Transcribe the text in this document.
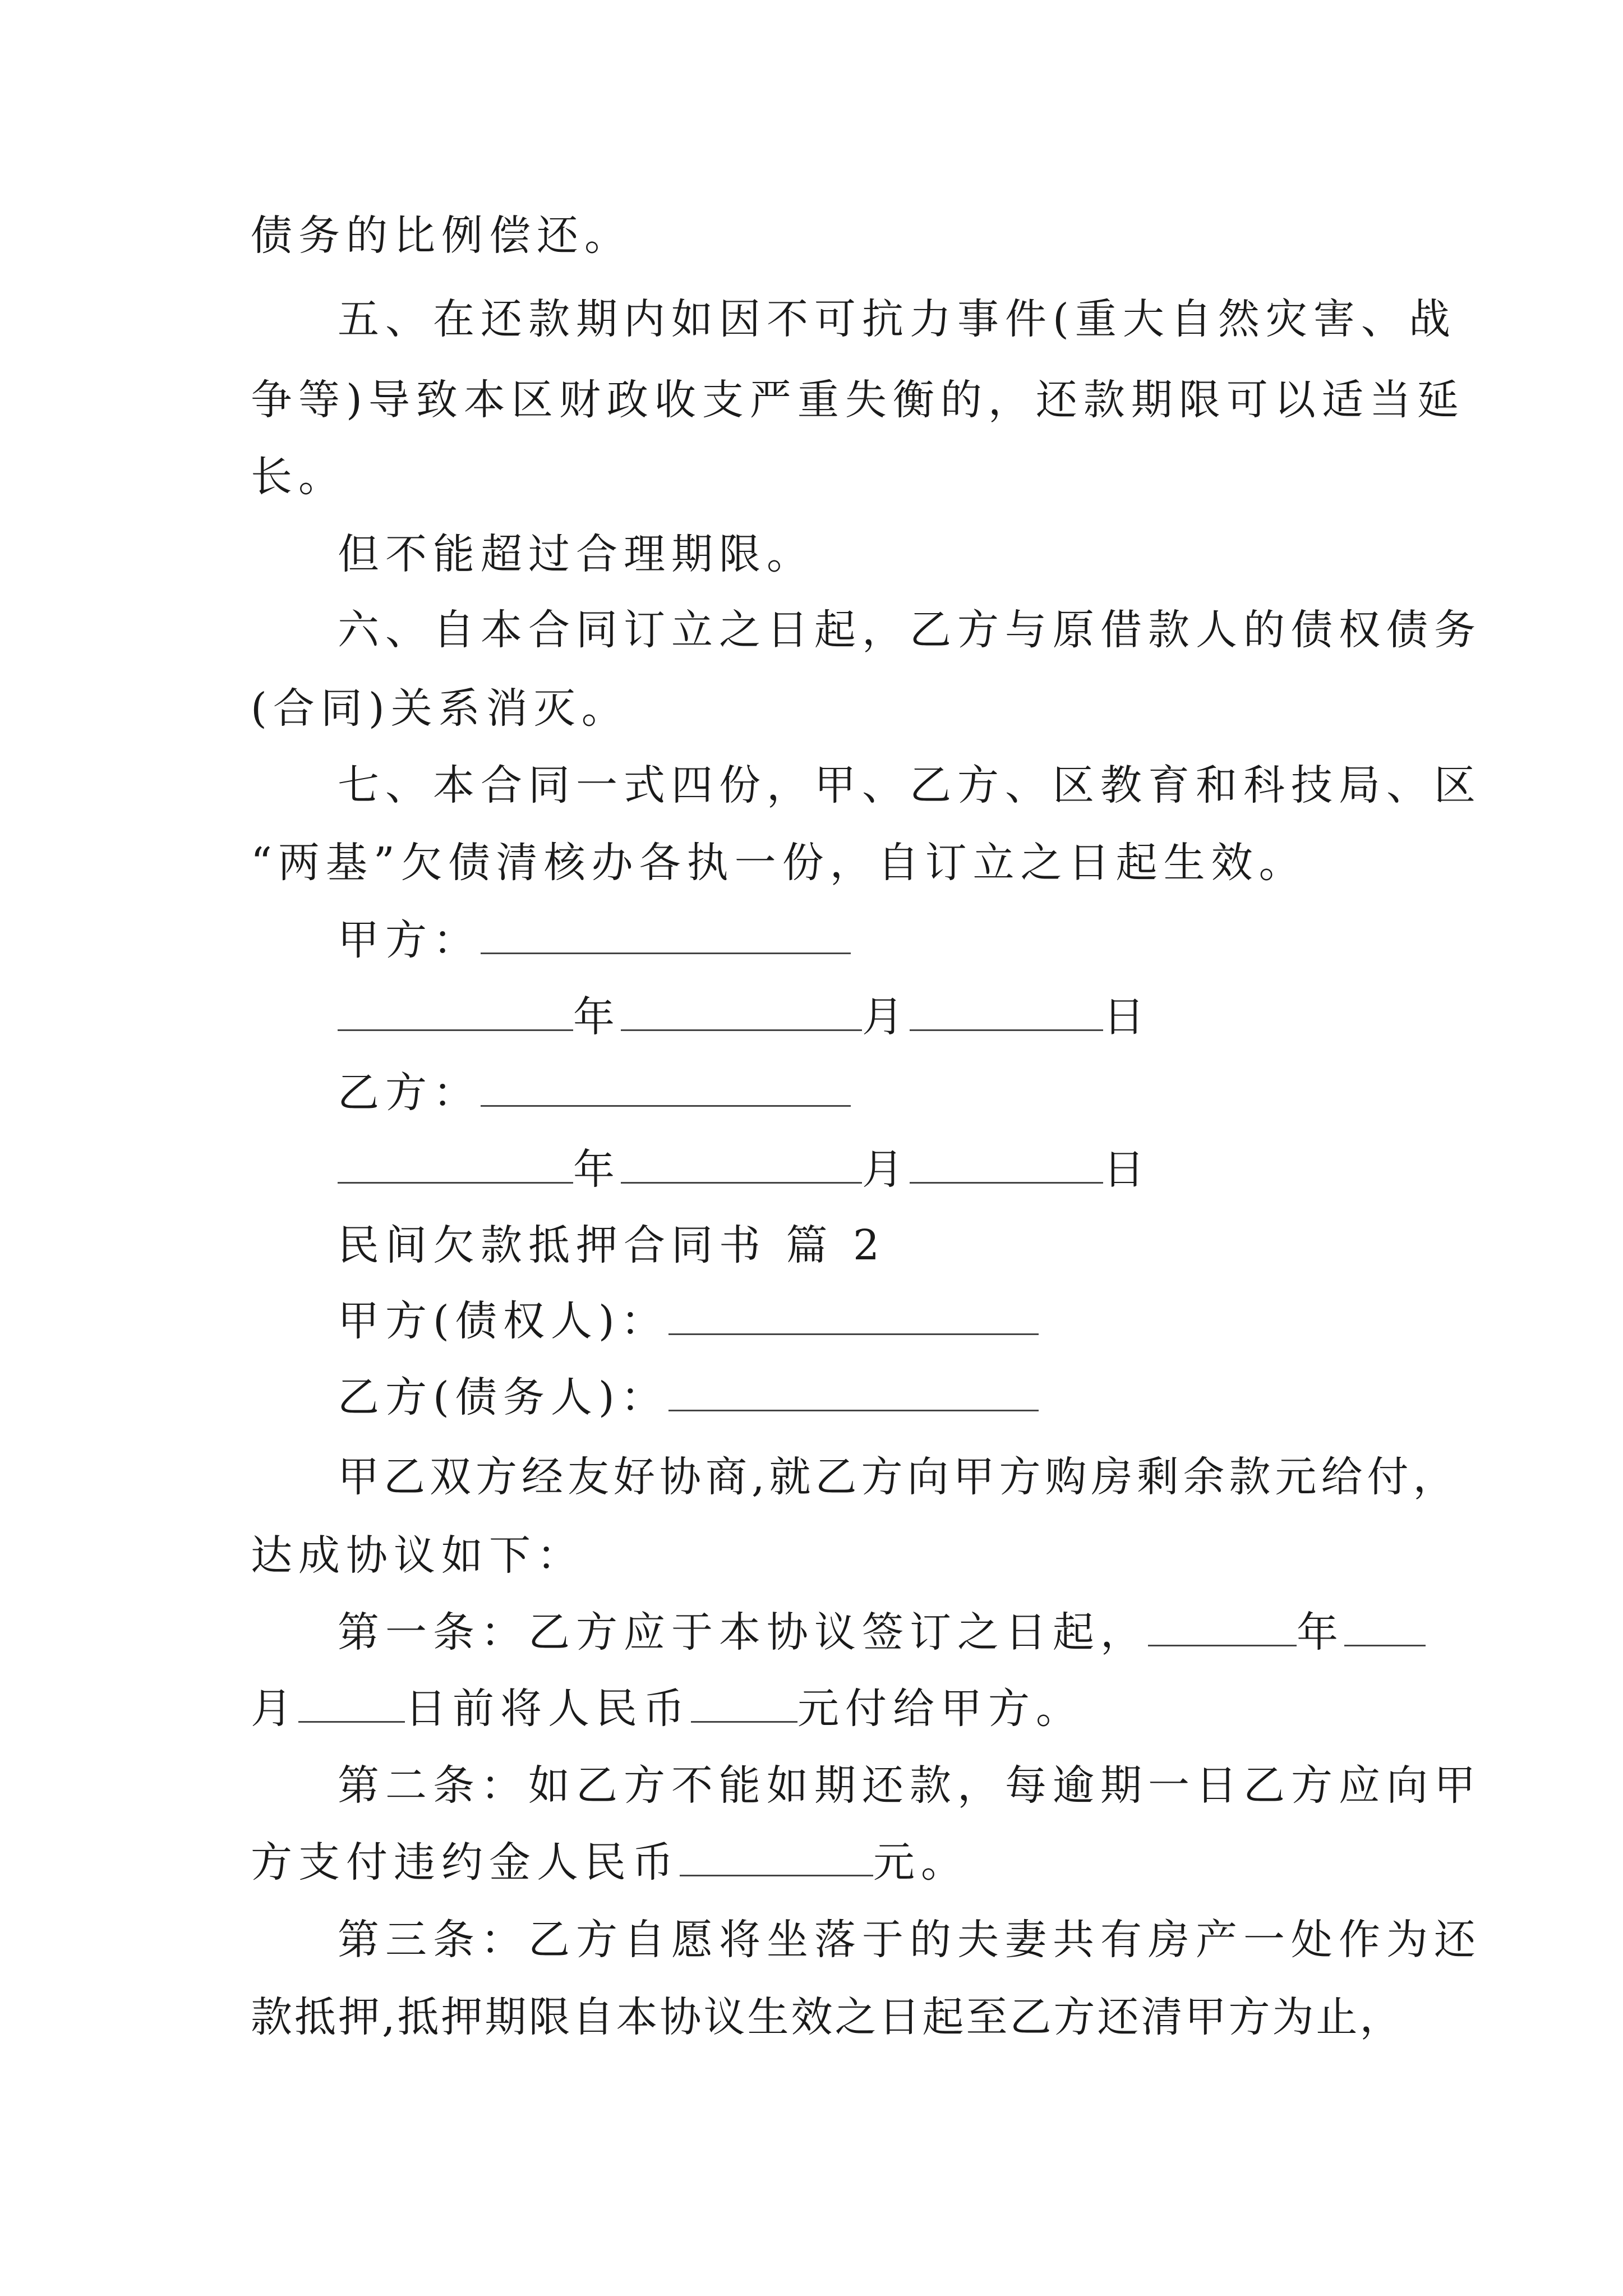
债务的比例偿还。
五、在还款期内如因不可抗力事件(重大自然灾害、战
争等)导致本区财政收支严重失衡的，还款期限可以适当延
长。
但不能超过合理期限。
六、自本合同订立之日起，乙方与原借款人的债权债务
(合同)关系消灭。
七、本合同一式四份，甲、乙方、区教育和科技局、区
“两基”欠债清核办各执一份，自订立之日起生效。
甲方：
年	月	日
乙方：
年	月	日
民间欠款抵押合同书 篇 2
甲方(债权人)：
乙方(债务人)：
甲乙双方经友好协商,就乙方向甲方购房剩余款元给付，
达成协议如下：
第一条：乙方应于本协议签订之日起，	年
月	日前将人民币	元付给甲方。
第二条：如乙方不能如期还款，每逾期一日乙方应向甲
方支付违约金人民币	元。
第三条：乙方自愿将坐落于的夫妻共有房产一处作为还
款抵押,抵押期限自本协议生效之日起至乙方还清甲方为止，
